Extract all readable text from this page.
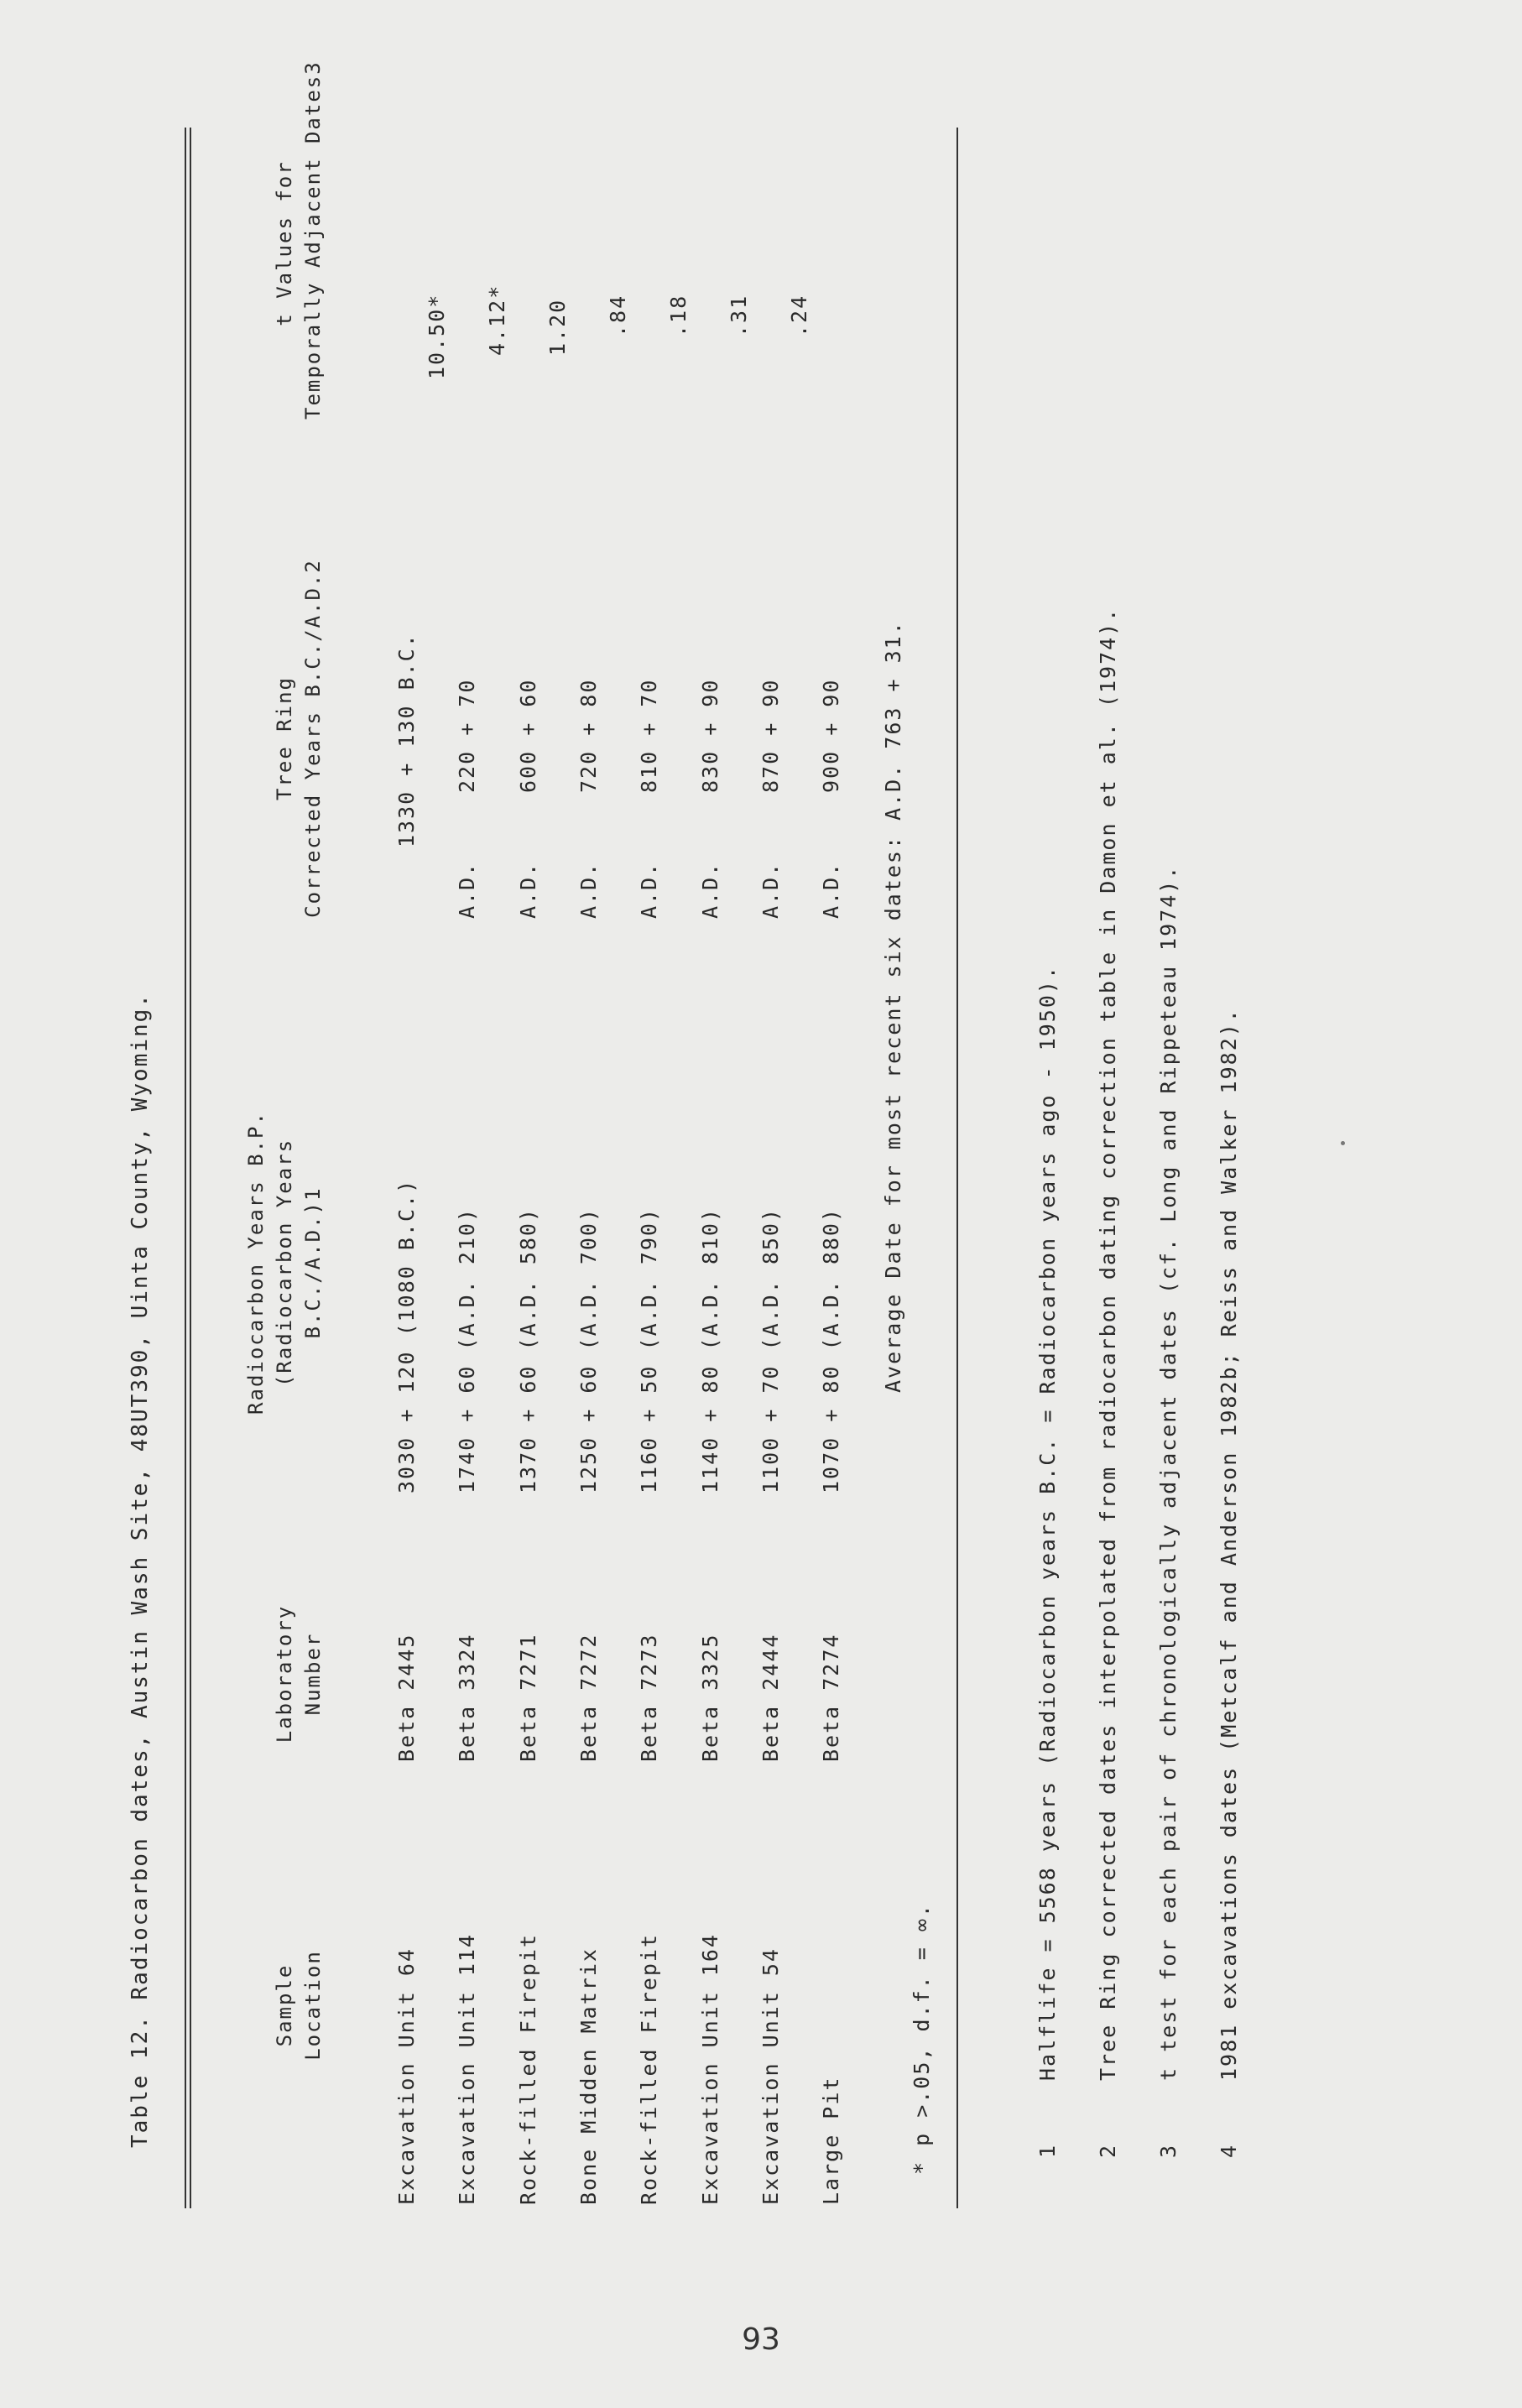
Table 12. Radiocarbon dates, Austin Wash Site, 48UT390, Uinta County, Wyoming.	Sample Location
Laboratory Number
Radiocarbon Years B.P. (Radiocarbon Years B.C./A.D.)1
Tree Ring Corrected Years B.C./A.D.2
t Values for Temporally Adjacent Dates3
Excavation Unit 64
Beta 2445
3030 + 120 (1080 B.C.)
1330 + 130 B.C.
Excavation Unit 114
Beta 3324
1740 + 60 (A.D. 210)
A.D.
220 + 70
10.50*
Rock-filled Firepit
Beta 7271
1370 + 60 (A.D. 580)
A.D.
600 + 60
4.12*
Bone Midden Matrix
Beta 7272
1250 + 60 (A.D. 700)
A.D.
720 + 80
1.20
Rock-filled Firepit
Beta 7273
1160 + 50 (A.D. 790)
A.D.
810 + 70
.84
Excavation Unit 164
Beta 3325
1140 + 80 (A.D. 810)
A.D.
830 + 90
.18
Excavation Unit 54
Beta 2444
1100 + 70 (A.D. 850)
A.D.
870 + 90
.31
Large Pit
Beta 7274
1070 + 80 (A.D. 880)
A.D.
900 + 90
.24
Average Date for most recent six dates: A.D. 763 + 31.
* p >.05, d.f. = ∞.	1
Halflife = 5568 years (Radiocarbon years B.C. = Radiocarbon years ago - 1950).
2
Tree Ring corrected dates interpolated from radiocarbon dating correction table in Damon et al. (1974).
3
t test for each pair of chronologically adjacent dates (cf. Long and Rippeteau 1974).
4
1981 excavations dates (Metcalf and Anderson 1982b; Reiss and Walker 1982).
93
